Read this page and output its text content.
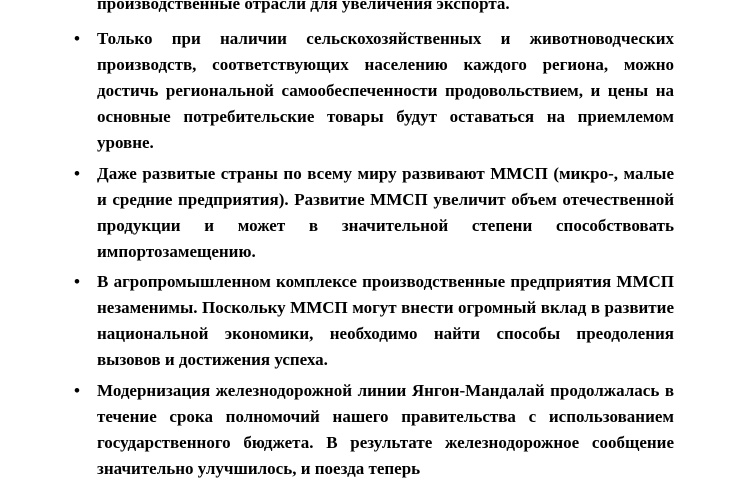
производственные отрасли для увеличения экспорта.

• Только при наличии сельскохозяйственных и животноводческих производств, соответствующих населению каждого региона, можно достичь региональной самообеспеченности продовольствием, и цены на основные потребительские товары будут оставаться на приемлемом уровне.

• Даже развитые страны по всему миру развивают ММСП (микро-, малые и средние предприятия). Развитие ММСП увеличит объем отечественной продукции и может в значительной степени способствовать импортозамещению.

• В агропромышленном комплексе производственные предприятия ММСП незаменимы. Поскольку ММСП могут внести огромный вклад в развитие национальной экономики, необходимо найти способы преодоления вызовов и достижения успеха.

• Модернизация железнодорожной линии Янгон-Мандалай продолжалась в течение срока полномочий нашего правительства с использованием государственного бюджета. В результате железнодорожное сообщение значительно улучшилось, и поезда теперь
